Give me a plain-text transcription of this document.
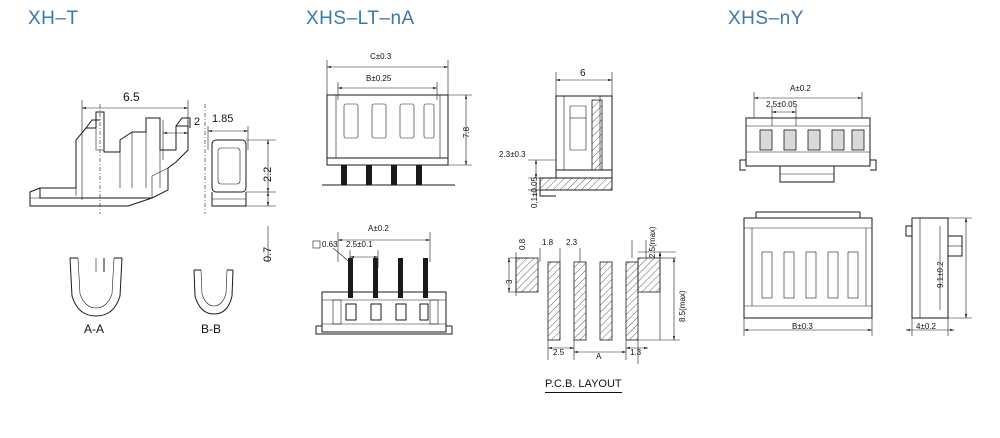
XH–T	XHS–LT–nA	XHS–nY
6.5
2 1.85
2.2
0.7
A-A	B-B
C±0.3
B±0.25
7.8
6
2.3±0.3
0.1±0.05
A±0.2
2.5±0.1
0.63	0.8 1.8 2.3	2.5(max)
3
8.5(max)
2.5	A	1.3
P.C.B. LAYOUT
A±0.2
2.5±0.05
9.1±0.2
B±0.3	4±0.2
